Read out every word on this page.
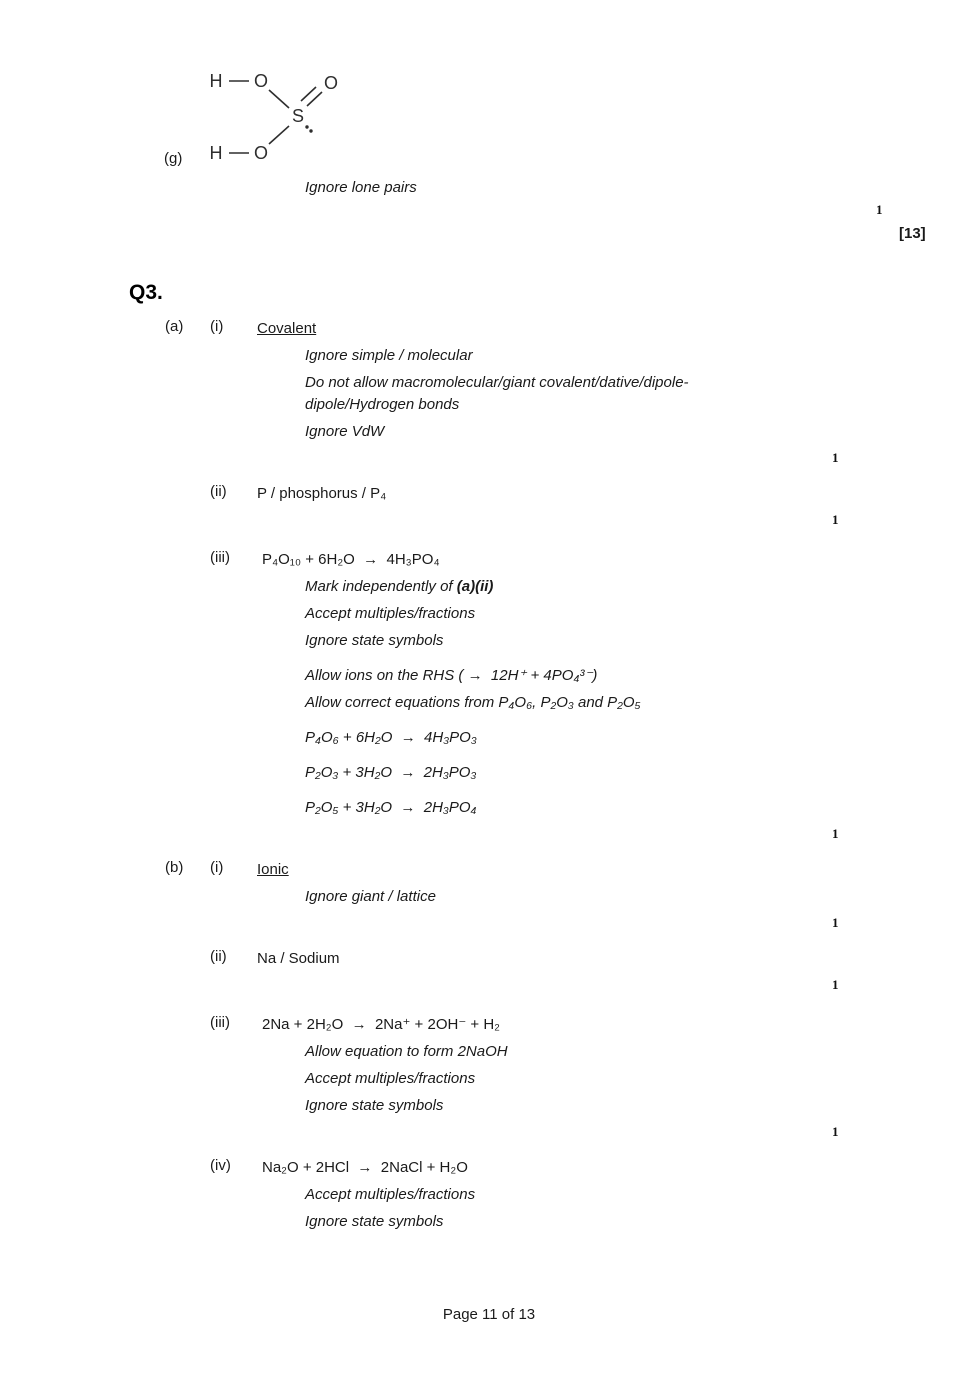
H O
S
O
H O
(g)
Ignore lone pairs
1
[13]
Q3.
(a) (i) Covalent
Ignore simple / molecular
Do not allow macromolecular/giant covalent/dative/dipole-dipole/Hydrogen bonds
Ignore VdW
1
(ii) P / phosphorus / P₄
1
(iii)	P₄O₁₀ + 6H₂O  →  4H₃PO₄
Mark independently of (a)(ii)
Accept multiples/fractions
Ignore state symbols
Allow ions on the RHS ( →  12H⁺ + 4PO₄³⁻)
Allow correct equations from P₄O₆, P₂O₃ and P₂O₅
P₄O₆ + 6H₂O  →  4H₃PO₃
P₂O₃ + 3H₂O  →  2H₃PO₃
P₂O₅ + 3H₂O  →  2H₃PO₄
1
(b) (i) Ionic
Ignore giant / lattice
1
(ii) Na / Sodium
1
(iii)	2Na + 2H₂O  →  2Na⁺ + 2OH⁻ + H₂
Allow equation to form 2NaOH
Accept multiples/fractions
Ignore state symbols
1
(iv)	Na₂O + 2HCl  →  2NaCl + H₂O
Accept multiples/fractions
Ignore state symbols
Page 11 of 13
